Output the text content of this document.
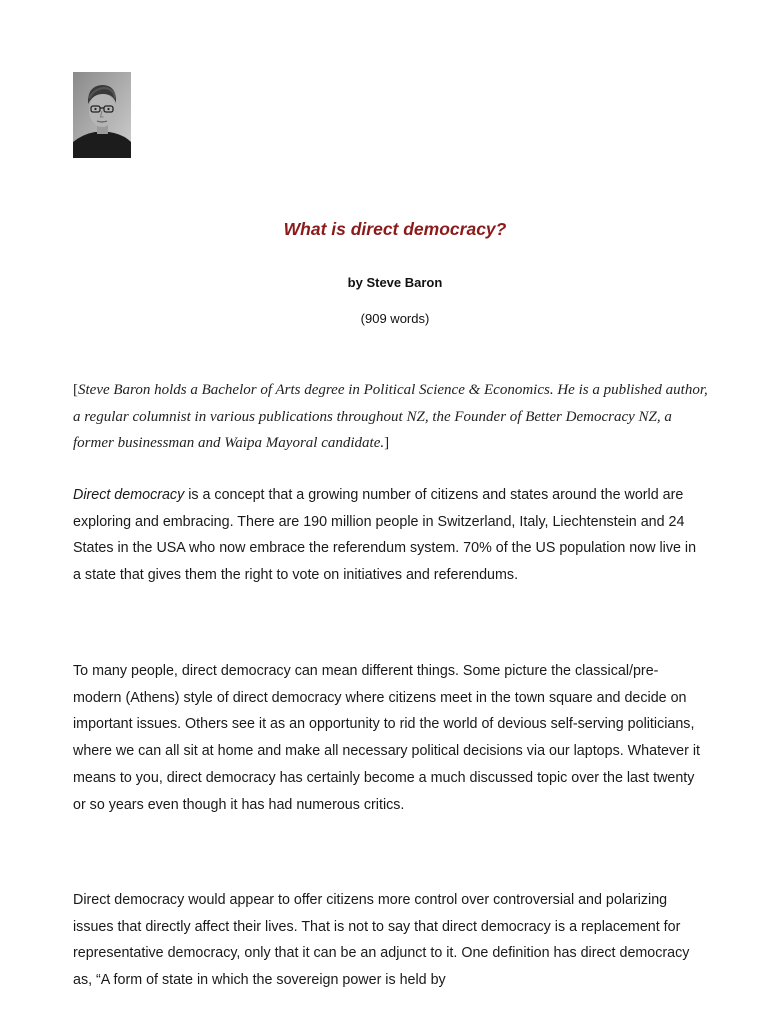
What is direct democracy?

by Steve Baron

(909 words)

[Steve Baron holds a Bachelor of Arts degree in Political Science & Economics. He is a published author, a regular columnist in various publications throughout NZ, the Founder of Better Democracy NZ, a former businessman and Waipa Mayoral candidate.]

Direct democracy is a concept that a growing number of citizens and states around the world are exploring and embracing. There are 190 million people in Switzerland, Italy, Liechtenstein and 24 States in the USA who now embrace the referendum system. 70% of the US population now live in a state that gives them the right to vote on initiatives and referendums.

To many people, direct democracy can mean different things. Some picture the classical/pre-modern (Athens) style of direct democracy where citizens meet in the town square and decide on important issues. Others see it as an opportunity to rid the world of devious self-serving politicians, where we can all sit at home and make all necessary political decisions via our laptops. Whatever it means to you, direct democracy has certainly become a much discussed topic over the last twenty or so years even though it has had numerous critics.

Direct democracy would appear to offer citizens more control over controversial and polarizing issues that directly affect their lives. That is not to say that direct democracy is a replacement for representative democracy, only that it can be an adjunct to it. One definition has direct democracy as, “A form of state in which the sovereign power is held by
